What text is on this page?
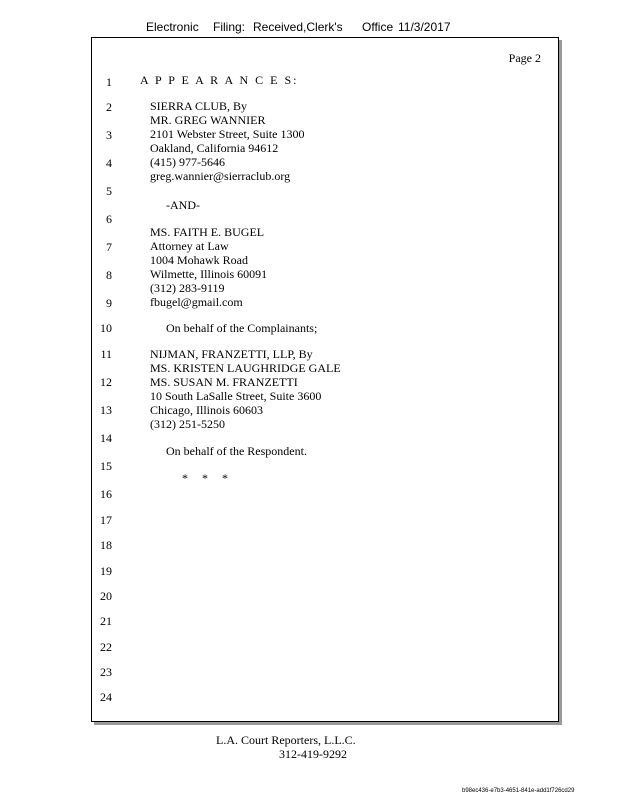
Electronic Filing: Received,Clerk's Office 11/3/2017
Page 2
1
2
3
4
5
6
7
8
9
10
11
12
13
14
15
16
17
18
19
20
21
22
23
24
A P P E A R A N C E S:
SIERRA CLUB, By
MR. GREG WANNIER
2101 Webster Street, Suite 1300
Oakland, California 94612
(415) 977-5646
greg.wannier@sierraclub.org
-AND-
MS. FAITH E. BUGEL
Attorney at Law
1004 Mohawk Road
Wilmette, Illinois 60091
(312) 283-9119
fbugel@gmail.com
On behalf of the Complainants;
NIJMAN, FRANZETTI, LLP, By
MS. KRISTEN LAUGHRIDGE GALE
MS. SUSAN M. FRANZETTI
10 South LaSalle Street, Suite 3600
Chicago, Illinois 60603
(312) 251-5250
On behalf of the Respondent.
* * *
L.A. Court Reporters, L.L.C.
312-419-9292
b98ec436-e7b3-4651-841e-add1f726cd29
